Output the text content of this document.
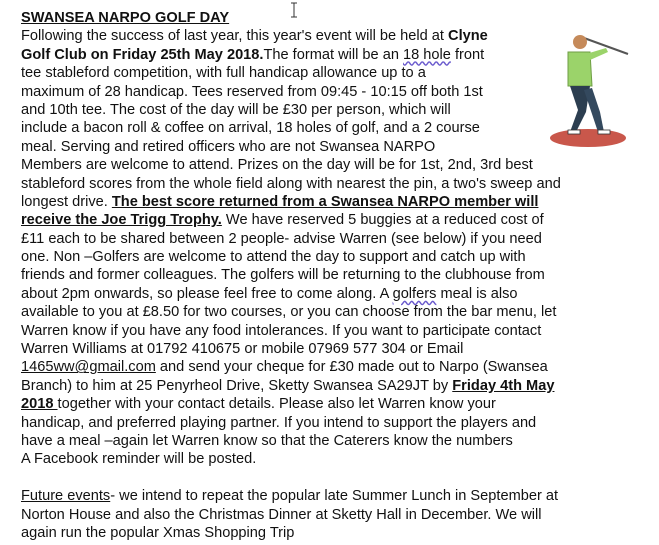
SWANSEA NARPO GOLF DAY
Following the success of last year, this year's event will be held at Clyne
Golf Club on Friday 25th May 2018.The format will be an 18 hole front
tee stableford competition, with full handicap allowance up to a
maximum of 28 handicap. Tees reserved from 09:45 - 10:15 off both 1st
and 10th tee. The cost of the day will be £30 per person, which will
include a bacon roll & coffee on arrival, 18 holes of golf, and a 2 course
meal. Serving and retired officers who are not Swansea NARPO
Members are welcome to attend. Prizes on the day will be for 1st, 2nd, 3rd best
stableford scores from the whole field along with nearest the pin, a two's sweep and
longest drive. The best score returned from a Swansea NARPO member will
receive the Joe Trigg Trophy. We have reserved 5 buggies at a reduced cost of
£11 each to be shared between 2 people- advise Warren (see below) if you need
one. Non –Golfers are welcome to attend the day to support and catch up with
friends and former colleagues. The golfers will be returning to the clubhouse from
about 2pm onwards, so please feel free to come along. A golfers meal is also
available to you at £8.50 for two courses, or you can choose from the bar menu, let
Warren know if you have any food intolerances. If you want to participate contact
Warren Williams at 01792 410675 or mobile 07969 577 304 or Email
1465ww@gmail.com and send your cheque for £30 made out to Narpo (Swansea
Branch) to him at 25 Penyrheol Drive, Sketty Swansea SA29JT by Friday 4th May
2018 together with your contact details. Please also let Warren know your
handicap, and preferred playing partner. If you intend to support the players and
have a meal –again let Warren know so that the Caterers know the numbers
A Facebook reminder will be posted.
Future events- we intend to repeat the popular late Summer Lunch in September at
Norton House and also the Christmas Dinner at Sketty Hall in December. We will
again run the popular Xmas Shopping Trip
